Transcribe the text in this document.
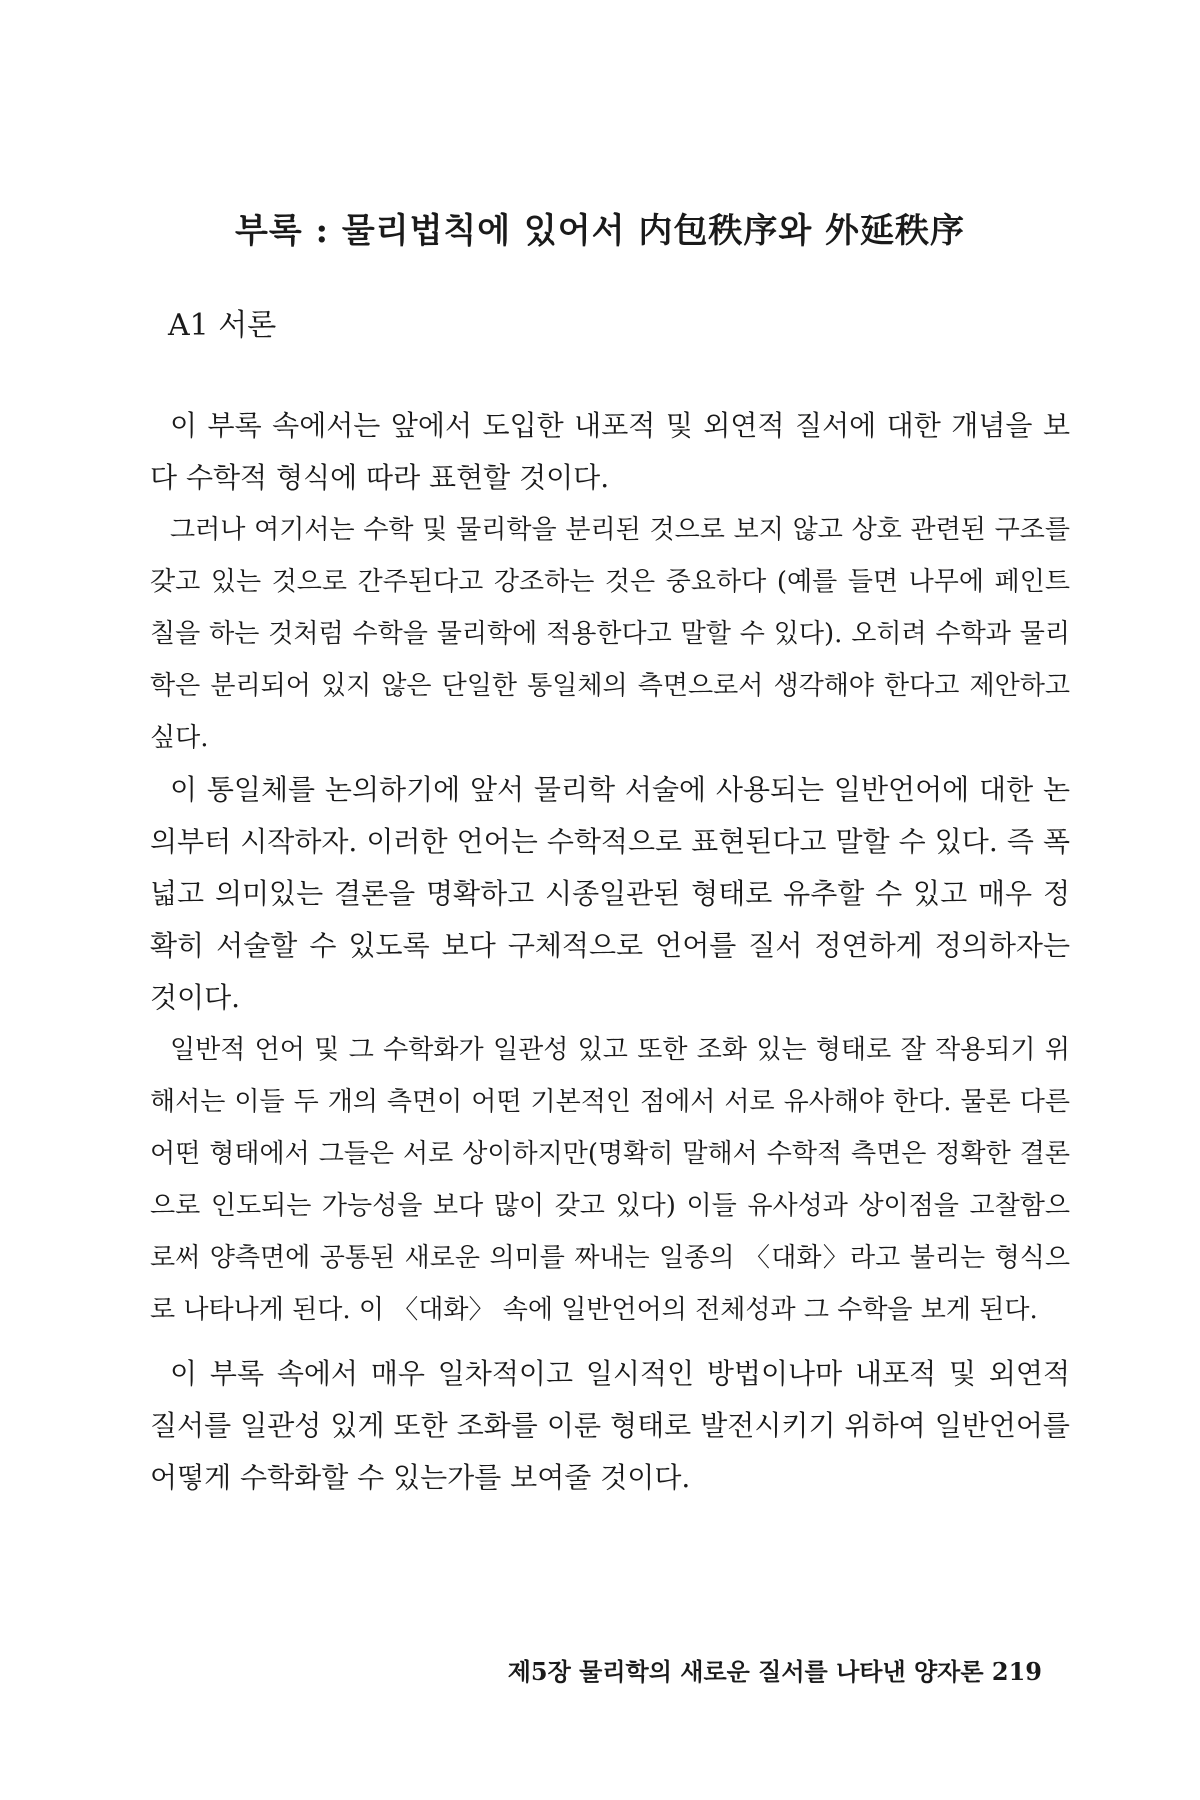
부록 : 물리법칙에 있어서 内包秩序와 外延秩序
A1 서론

이 부록 속에서는 앞에서 도입한 내포적 및 외연적 질서에 대한 개념을 보다 수학적 형식에 따라 표현할 것이다.

그러나 여기서는 수학 및 물리학을 분리된 것으로 보지 않고 상호 관련된 구조를 갖고 있는 것으로 간주된다고 강조하는 것은 중요하다 (예를 들면 나무에 페인트칠을 하는 것처럼 수학을 물리학에 적용한다고 말할 수 있다). 오히려 수학과 물리학은 분리되어 있지 않은 단일한 통일체의 측면으로서 생각해야 한다고 제안하고 싶다.

이 통일체를 논의하기에 앞서 물리학 서술에 사용되는 일반언어에 대한 논의부터 시작하자. 이러한 언어는 수학적으로 표현된다고 말할 수 있다. 즉 폭넓고 의미있는 결론을 명확하고 시종일관된 형태로 유추할 수 있고 매우 정확히 서술할 수 있도록 보다 구체적으로 언어를 질서 정연하게 정의하자는 것이다.

일반적 언어 및 그 수학화가 일관성 있고 또한 조화 있는 형태로 잘 작용되기 위해서는 이들 두 개의 측면이 어떤 기본적인 점에서 서로 유사해야 한다. 물론 다른 어떤 형태에서 그들은 서로 상이하지만(명확히 말해서 수학적 측면은 정확한 결론으로 인도되는 가능성을 보다 많이 갖고 있다) 이들 유사성과 상이점을 고찰함으로써 양측면에 공통된 새로운 의미를 짜내는 일종의 〈대화〉라고 불리는 형식으로 나타나게 된다. 이 〈대화〉 속에 일반언어의 전체성과 그 수학을 보게 된다.

이 부록 속에서 매우 일차적이고 일시적인 방법이나마 내포적 및 외연적 질서를 일관성 있게 또한 조화를 이룬 형태로 발전시키기 위하여 일반언어를 어떻게 수학화할 수 있는가를 보여줄 것이다.

제5장 물리학의 새로운 질서를 나타낸 양자론 219
